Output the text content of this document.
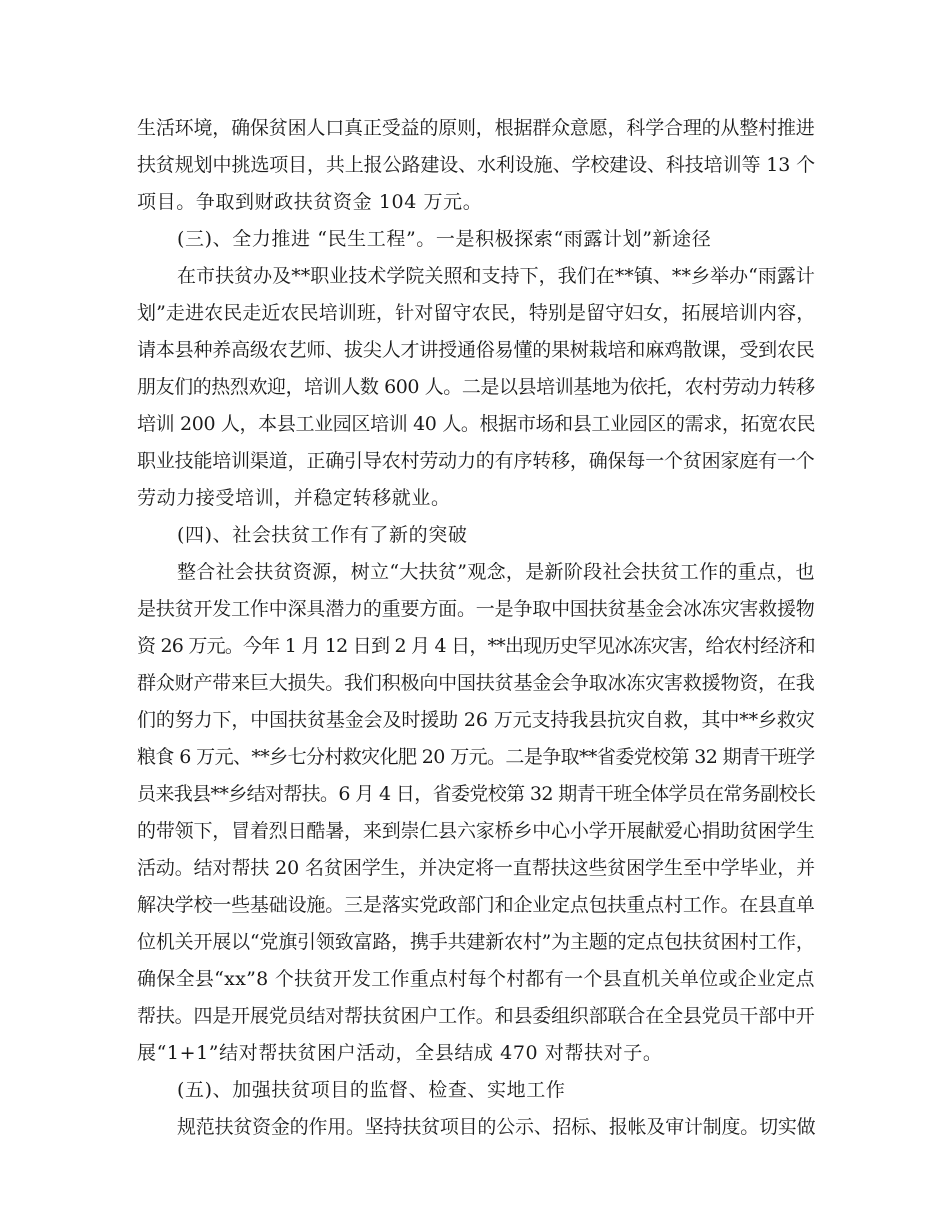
生活环境，确保贫困人口真正受益的原则，根据群众意愿，科学合理的从整村推进
扶贫规划中挑选项目，共上报公路建设、水利设施、学校建设、科技培训等 13 个
项目。争取到财政扶贫资金 104 万元。
(三)、全力推进 “民生工程”。一是积极探索“雨露计划”新途径
在市扶贫办及**职业技术学院关照和支持下，我们在**镇、**乡举办“雨露计
划”走进农民走近农民培训班，针对留守农民，特别是留守妇女，拓展培训内容，
请本县种养高级农艺师、拔尖人才讲授通俗易懂的果树栽培和麻鸡散课，受到农民
朋友们的热烈欢迎，培训人数 600 人。二是以县培训基地为依托，农村劳动力转移
培训 200 人，本县工业园区培训 40 人。根据市场和县工业园区的需求，拓宽农民
职业技能培训渠道，正确引导农村劳动力的有序转移，确保每一个贫困家庭有一个
劳动力接受培训，并稳定转移就业。
(四)、社会扶贫工作有了新的突破
整合社会扶贫资源，树立“大扶贫”观念，是新阶段社会扶贫工作的重点，也
是扶贫开发工作中深具潜力的重要方面。一是争取中国扶贫基金会冰冻灾害救援物
资 26 万元。今年 1 月 12 日到 2 月 4 日，**出现历史罕见冰冻灾害，给农村经济和
群众财产带来巨大损失。我们积极向中国扶贫基金会争取冰冻灾害救援物资，在我
们的努力下，中国扶贫基金会及时援助 26 万元支持我县抗灾自救，其中**乡救灾
粮食 6 万元、**乡七分村救灾化肥 20 万元。二是争取**省委党校第 32 期青干班学
员来我县**乡结对帮扶。6 月 4 日，省委党校第 32 期青干班全体学员在常务副校长
的带领下，冒着烈日酷暑，来到崇仁县六家桥乡中心小学开展献爱心捐助贫困学生
活动。结对帮扶 20 名贫困学生，并决定将一直帮扶这些贫困学生至中学毕业，并
解决学校一些基础设施。三是落实党政部门和企业定点包扶重点村工作。在县直单
位机关开展以“党旗引领致富路，携手共建新农村”为主题的定点包扶贫困村工作，
确保全县“xx”8 个扶贫开发工作重点村每个村都有一个县直机关单位或企业定点
帮扶。四是开展党员结对帮扶贫困户工作。和县委组织部联合在全县党员干部中开
展“1+1”结对帮扶贫困户活动，全县结成 470 对帮扶对子。
(五)、加强扶贫项目的监督、检查、实地工作
规范扶贫资金的作用。坚持扶贫项目的公示、招标、报帐及审计制度。切实做
